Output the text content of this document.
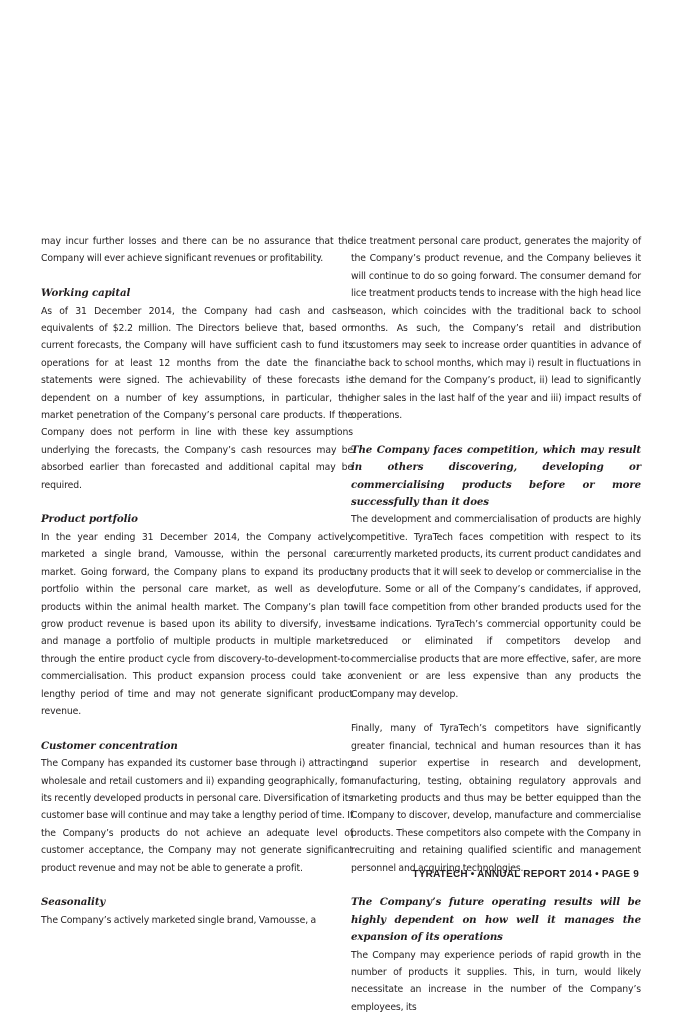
may incur further losses and there can be no assurance that the Company will ever achieve significant revenues or profitability.

Working capital

As of 31 December 2014, the Company had cash and cash equivalents of $2.2 million. The Directors believe that, based on current forecasts, the Company will have sufficient cash to fund its operations for at least 12 months from the date the financial statements were signed. The achievability of these forecasts is dependent on a number of key assumptions, in particular, the market penetration of the Company’s personal care products. If the Company does not perform in line with these key assumptions underlying the forecasts, the Company’s cash resources may be absorbed earlier than forecasted and additional capital may be required.

Product portfolio

In the year ending 31 December 2014, the Company actively marketed a single brand, Vamousse, within the personal care market. Going forward, the Company plans to expand its product portfolio within the personal care market, as well as develop products within the animal health market. The Company’s plan to grow product revenue is based upon its ability to diversify, invest and manage a portfolio of multiple products in multiple markets through the entire product cycle from discovery-to-development-to-commercialisation. This product expansion process could take a lengthy period of time and may not generate significant product revenue.

Customer concentration

The Company has expanded its customer base through i) attracting wholesale and retail customers and ii) expanding geographically, for its recently developed products in personal care. Diversification of its customer base will continue and may take a lengthy period of time. If the Company’s products do not achieve an adequate level of customer acceptance, the Company may not generate significant product revenue and may not be able to generate a profit.

Seasonality

The Company’s actively marketed single brand, Vamousse, a

lice treatment personal care product, generates the majority of the Company’s product revenue, and the Company believes it will continue to do so going forward. The consumer demand for lice treatment products tends to increase with the high head lice season, which coincides with the traditional back to school months. As such, the Company’s retail and distribution customers may seek to increase order quantities in advance of the back to school months, which may i) result in fluctuations in the demand for the Company’s product, ii) lead to significantly higher sales in the last half of the year and iii) impact results of operations.

The Company faces competition, which may result in others discovering, developing or commercialising products before or more successfully than it does

The development and commercialisation of products are highly competitive. TyraTech faces competition with respect to its currently marketed products, its current product candidates and any products that it will seek to develop or commercialise in the future. Some or all of the Company’s candidates, if approved, will face competition from other branded products used for the same indications. TyraTech’s commercial opportunity could be reduced or eliminated if competitors develop and commercialise products that are more effective, safer, are more convenient or are less expensive than any products the Company may develop.

Finally, many of TyraTech’s competitors have significantly greater financial, technical and human resources than it has and superior expertise in research and development, manufacturing, testing, obtaining regulatory approvals and marketing products and thus may be better equipped than the Company to discover, develop, manufacture and commercialise products. These competitors also compete with the Company in recruiting and retaining qualified scientific and management personnel and acquiring technologies.

The Company’s future operating results will be highly dependent on how well it manages the expansion of its operations

The Company may experience periods of rapid growth in the number of products it supplies. This, in turn, would likely necessitate an increase in the number of the Company’s employees, its

TYRATECH • ANNUAL REPORT 2014 • PAGE 9
